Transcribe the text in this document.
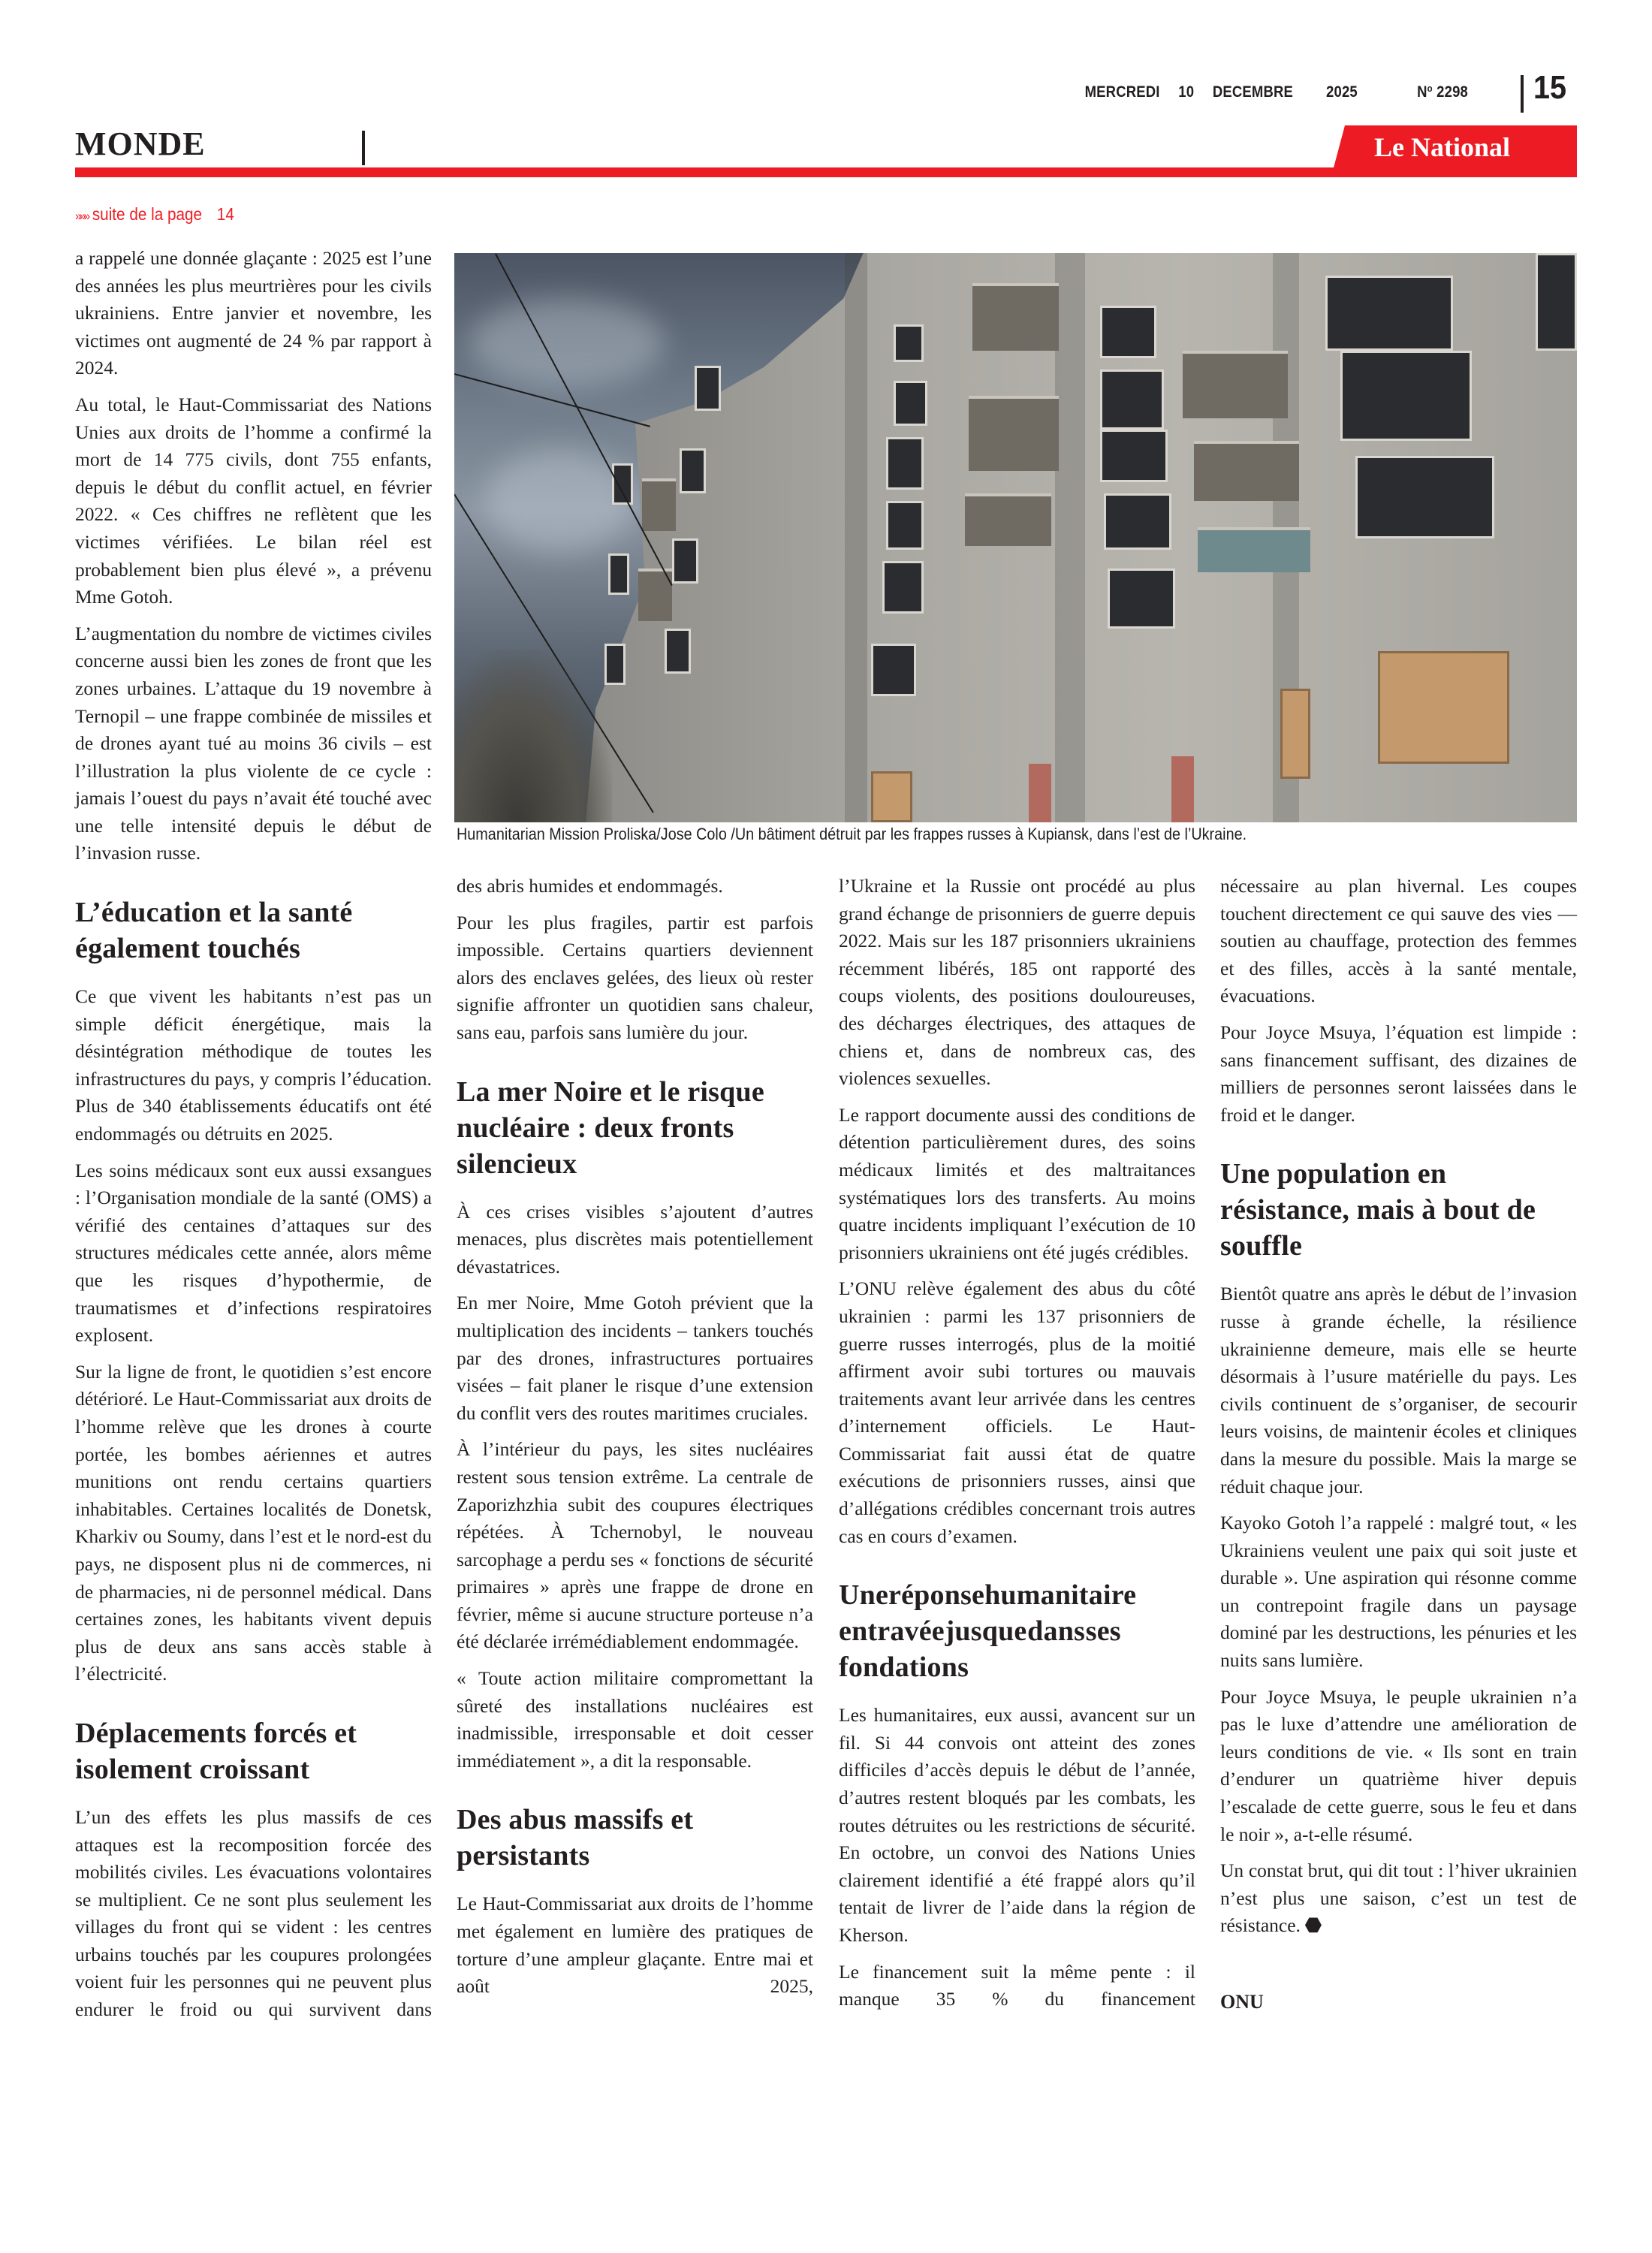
MERCREDI 10 DECEMBRE 2025	$N^o$ 2298 15
MONDE	Le National
»»» suite de la page 14
Humanitarian Mission Proliska/Jose Colo /Un bâtiment détruit par les frappes russes à Kupiansk, dans l’est de l’Ukraine.

a rappelé une donnée glaçante : 2025 est l’une des années les plus meurtrières pour les civils ukrainiens. Entre janvier et novembre, les victimes ont augmenté de 24 % par rapport à 2024.

Au total, le Haut-Commissariat des Nations Unies aux droits de l’homme a confirmé la mort de 14 775 civils, dont 755 enfants, depuis le début du conflit actuel, en février 2022. « Ces chiffres ne reflètent que les victimes vérifiées. Le bilan réel est probablement bien plus élevé », a prévenu Mme Gotoh.

L’augmentation du nombre de victimes civiles concerne aussi bien les zones de front que les zones urbaines. L’attaque du 19 novembre à Ternopil – une frappe combinée de missiles et de drones ayant tué au moins 36 civils – est l’illustration la plus violente de ce cycle : jamais l’ouest du pays n’avait été touché avec une telle intensité depuis le début de l’invasion russe.

L’éducation et la santé également touchés

Ce que vivent les habitants n’est pas un simple déficit énergétique, mais la désintégration méthodique de toutes les infrastructures du pays, y compris l’éducation. Plus de 340 établissements éducatifs ont été endommagés ou détruits en 2025.

Les soins médicaux sont eux aussi exsangues : l’Organisation mondiale de la santé (OMS) a vérifié des centaines d’attaques sur des structures médicales cette année, alors même que les risques d’hypothermie, de traumatismes et d’infections respiratoires explosent.

Sur la ligne de front, le quotidien s’est encore détérioré. Le Haut-Commissariat aux droits de l’homme relève que les drones à courte portée, les bombes aériennes et autres munitions ont rendu certains quartiers inhabitables. Certaines localités de Donetsk, Kharkiv ou Soumy, dans l’est et le nord-est du pays, ne disposent plus ni de commerces, ni de pharmacies, ni de personnel médical. Dans certaines zones, les habitants vivent depuis plus de deux ans sans accès stable à l’électricité.

Déplacements forcés et isolement croissant

L’un des effets les plus massifs de ces attaques est la recomposition forcée des mobilités civiles. Les évacuations volontaires se multiplient. Ce ne sont plus seulement les villages du front qui se vident : les centres urbains touchés par les coupures prolongées voient fuir les personnes qui ne peuvent plus endurer le froid ou qui survivent dans

des abris humides et endommagés.

Pour les plus fragiles, partir est parfois impossible. Certains quartiers deviennent alors des enclaves gelées, des lieux où rester signifie affronter un quotidien sans chaleur, sans eau, parfois sans lumière du jour.

La mer Noire et le risque nucléaire : deux fronts silencieux

À ces crises visibles s’ajoutent d’autres menaces, plus discrètes mais potentiellement dévastatrices.

En mer Noire, Mme Gotoh prévient que la multiplication des incidents – tankers touchés par des drones, infrastructures portuaires visées – fait planer le risque d’une extension du conflit vers des routes maritimes cruciales.

À l’intérieur du pays, les sites nucléaires restent sous tension extrême. La centrale de Zaporizhzhia subit des coupures électriques répétées. À Tchernobyl, le nouveau sarcophage a perdu ses « fonctions de sécurité primaires » après une frappe de drone en février, même si aucune structure porteuse n’a été déclarée irrémédiablement endommagée.

« Toute action militaire compromettant la sûreté des installations nucléaires est inadmissible, irresponsable et doit cesser immédiatement », a dit la responsable.

Des abus massifs et persistants

Le Haut-Commissariat aux droits de l’homme met également en lumière des pratiques de torture d’une ampleur glaçante. Entre mai et août 2025,

l’Ukraine et la Russie ont procédé au plus grand échange de prisonniers de guerre depuis 2022. Mais sur les 187 prisonniers ukrainiens récemment libérés, 185 ont rapporté des coups violents, des positions douloureuses, des décharges électriques, des attaques de chiens et, dans de nombreux cas, des violences sexuelles.

Le rapport documente aussi des conditions de détention particulièrement dures, des soins médicaux limités et des maltraitances systématiques lors des transferts. Au moins quatre incidents impliquant l’exécution de 10 prisonniers ukrainiens ont été jugés crédibles.

L’ONU relève également des abus du côté ukrainien : parmi les 137 prisonniers de guerre russes interrogés, plus de la moitié affirment avoir subi tortures ou mauvais traitements avant leur arrivée dans les centres d’internement officiels. Le Haut-Commissariat fait aussi état de quatre exécutions de prisonniers russes, ainsi que d’allégations crédibles concernant trois autres cas en cours d’examen.

Uneréponsehumanitaire entravée jusque dans ses fondations

Les humanitaires, eux aussi, avancent sur un fil. Si 44 convois ont atteint des zones difficiles d’accès depuis le début de l’année, d’autres restent bloqués par les combats, les routes détruites ou les restrictions de sécurité. En octobre, un convoi des Nations Unies clairement identifié a été frappé alors qu’il tentait de livrer de l’aide dans la région de Kherson.

Le financement suit la même pente : il manque 35 % du financement

nécessaire au plan hivernal. Les coupes touchent directement ce qui sauve des vies — soutien au chauffage, protection des femmes et des filles, accès à la santé mentale, évacuations.

Pour Joyce Msuya, l’équation est limpide : sans financement suffisant, des dizaines de milliers de personnes seront laissées dans le froid et le danger.

Une population en résistance, mais à bout de souffle

Bientôt quatre ans après le début de l’invasion russe à grande échelle, la résilience ukrainienne demeure, mais elle se heurte désormais à l’usure matérielle du pays. Les civils continuent de s’organiser, de secourir leurs voisins, de maintenir écoles et cliniques dans la mesure du possible. Mais la marge se réduit chaque jour.

Kayoko Gotoh l’a rappelé : malgré tout, « les Ukrainiens veulent une paix qui soit juste et durable ». Une aspiration qui résonne comme un contrepoint fragile dans un paysage dominé par les destructions, les pénuries et les nuits sans lumière.

Pour Joyce Msuya, le peuple ukrainien n’a pas le luxe d’attendre une amélioration de leurs conditions de vie. « Ils sont en train d’endurer un quatrième hiver depuis l’escalade de cette guerre, sous le feu et dans le noir », a-t-elle résumé.

Un constat brut, qui dit tout : l’hiver ukrainien n’est plus une saison, c’est un test de résistance.

ONU
